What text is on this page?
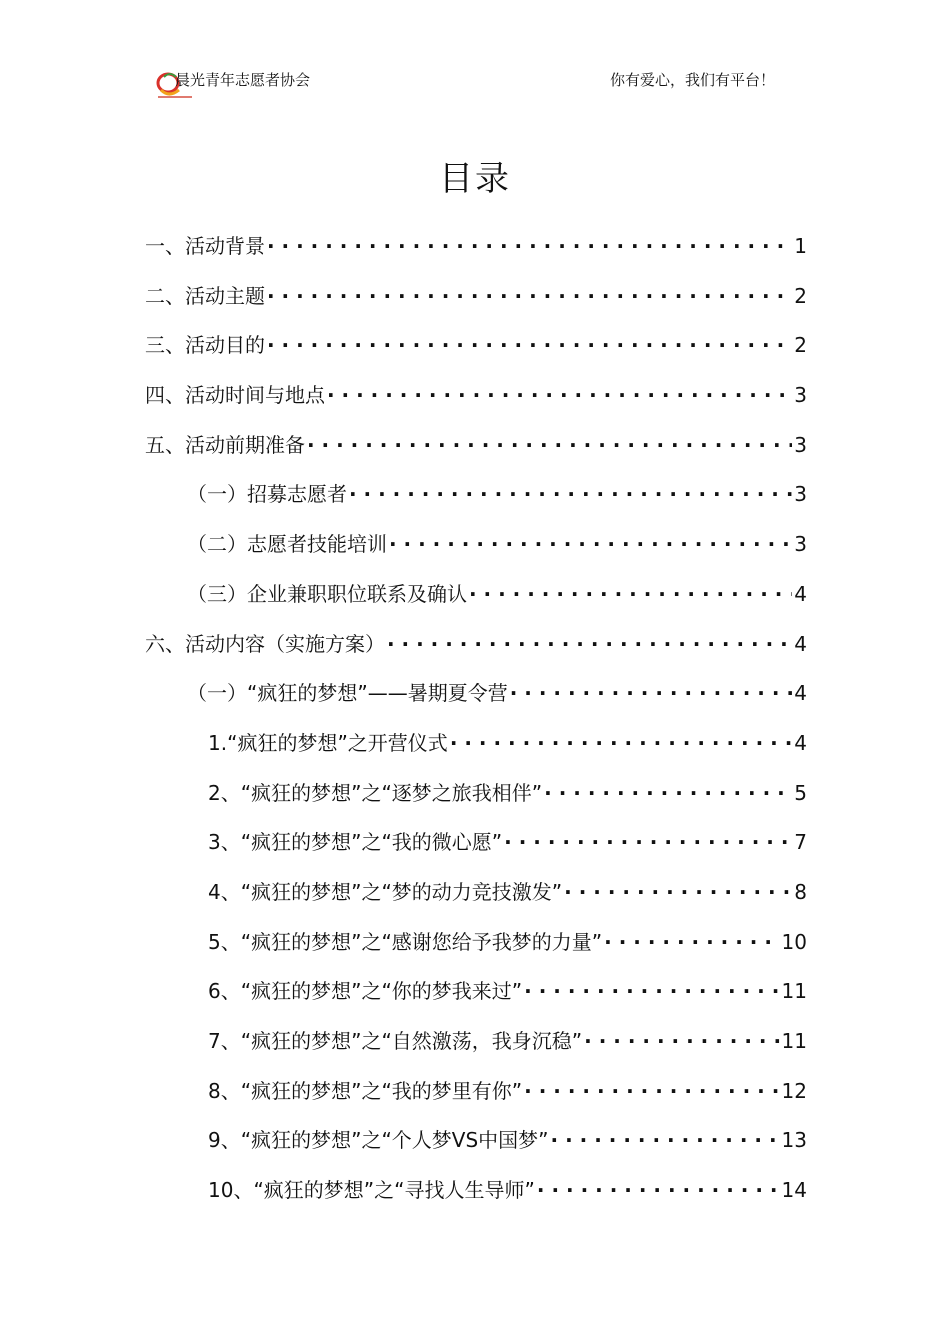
晨光青年志愿者协会	你有爱心，我们有平台！
目录
一、活动背景 · ·	1
二、活动主题 · ·	2
三、活动目的 · ·	2
四、活动时间与地点 · ·	3
五、活动前期准备 · ·	3
（一）招募志愿者 · ·	3
（二）志愿者技能培训 · ·	3
（三）企业兼职职位联系及确认 · ·	4
六、活动内容（实施方案） · ·	4
（一）“疯狂的梦想”——暑期夏令营 · ·	4
1.“疯狂的梦想”之开营仪式 · ·	4
2、“疯狂的梦想”之“逐梦之旅我相伴” · ·	5
3、“疯狂的梦想”之“我的微心愿” · ·	7
4、“疯狂的梦想”之“梦的动力竞技激发” · ·	8
5、“疯狂的梦想”之“感谢您给予我梦的力量” · ·	10
6、“疯狂的梦想”之“你的梦我来过” · ·	11
7、“疯狂的梦想”之“自然激荡，我身沉稳” · ·	11
8、“疯狂的梦想”之“我的梦里有你” · ·	12
9、“疯狂的梦想”之“个人梦VS中国梦” · ·	13
10、“疯狂的梦想”之“寻找人生导师” · ·	14
